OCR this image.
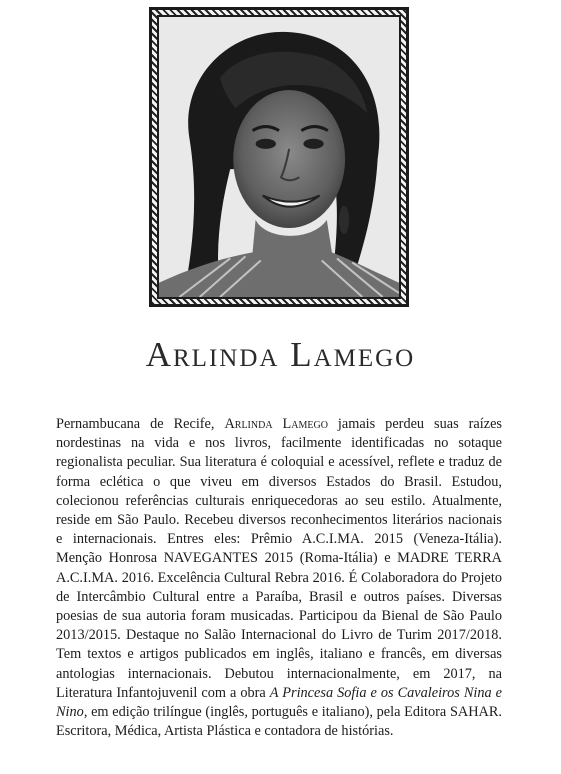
Arlinda Lamego

Pernambucana de Recife, Arlinda Lamego jamais perdeu suas raízes nordestinas na vida e nos livros, facilmente identificadas no sotaque regionalista peculiar. Sua literatura é coloquial e acessível, reflete e traduz de forma eclética o que viveu em diversos Estados do Brasil. Estudou, colecionou referências culturais enriquecedoras ao seu estilo. Atualmente, reside em São Paulo. Recebeu diversos reconhecimentos literários nacionais e internacionais. Entres eles: Prêmio A.C.I.MA. 2015 (Veneza-Itália). Menção Honrosa NAVEGANTES 2015 (Roma-Itália) e MADRE TERRA A.C.I.MA. 2016. Excelência Cultural Rebra 2016. É Colaboradora do Projeto de Intercâmbio Cultural entre a Paraíba, Brasil e outros países. Diversas poesias de sua autoria foram musicadas. Participou da Bienal de São Paulo 2013/2015. Destaque no Salão Internacional do Livro de Turim 2017/2018. Tem textos e artigos publicados em inglês, italiano e francês, em diversas antologias internacionais. Debutou internacionalmente, em 2017, na Literatura Infantojuvenil com a obra A Princesa Sofia e os Cavaleiros Nina e Nino, em edição trilíngue (inglês, português e italiano), pela Editora SAHAR. Escritora, Médica, Artista Plástica e contadora de histórias.
